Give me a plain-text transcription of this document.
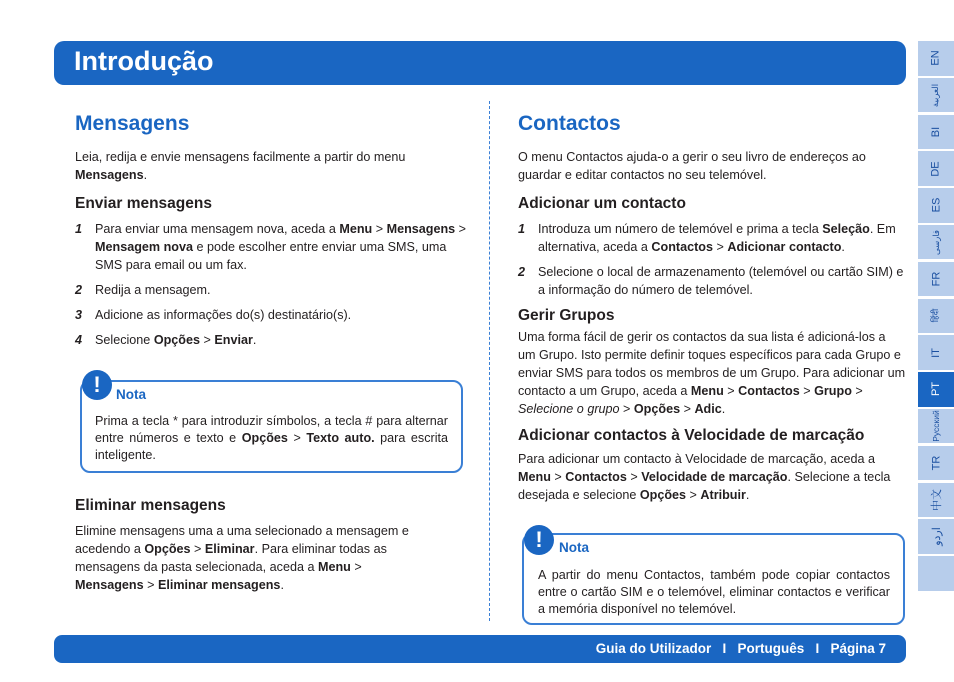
Introdução
Mensagens

Leia, redija e envie mensagens facilmente a partir do menu Mensagens.

Enviar mensagens
1 Para enviar uma mensagem nova, aceda a Menu > Mensagens > Mensagem nova e pode escolher entre enviar uma SMS, uma SMS para email ou um fax.
2 Redija a mensagem.
3 Adicione as informações do(s) destinatário(s).
4 Selecione Opções > Enviar.
!	Nota
Prima a tecla * para introduzir símbolos, a tecla # para alternar entre números e texto e Opções > Texto auto. para escrita inteligente.
Eliminar mensagens

Elimine mensagens uma a uma selecionado a mensagem e acedendo a Opções > Eliminar. Para eliminar todas as mensagens da pasta selecionada, aceda a Menu > Mensagens > Eliminar mensagens.

Contactos

O menu Contactos ajuda-o a gerir o seu livro de endereços ao guardar e editar contactos no seu telemóvel.

Adicionar um contacto
1 Introduza um número de telemóvel e prima a tecla Seleção. Em alternativa, aceda a Contactos > Adicionar contacto.
2 Selecione o local de armazenamento (telemóvel ou cartão SIM) e a informação do número de telemóvel.
Gerir Grupos

Uma forma fácil de gerir os contactos da sua lista é adicioná-los a um Grupo. Isto permite definir toques específicos para cada Grupo e enviar SMS para todos os membros de um Grupo. Para adicionar um contacto a um Grupo, aceda a Menu > Contactos > Grupo > Selecione o grupo > Opções > Adic.

Adicionar contactos à Velocidade de marcação

Para adicionar um contacto à Velocidade de marcação, aceda a Menu > Contactos > Velocidade de marcação. Selecione a tecla desejada e selecione Opções > Atribuir.

!	Nota
A partir do menu Contactos, também pode copiar contactos entre o cartão SIM e o telemóvel, eliminar contactos e verificar a memória disponível no telemóvel.
Guia do Utilizador   I   Português   I   Página 7
EN
العربية
BI
DE
ES
فارسی
FR
हिंदी
IT
PT
Русский
TR
中文
اردو
